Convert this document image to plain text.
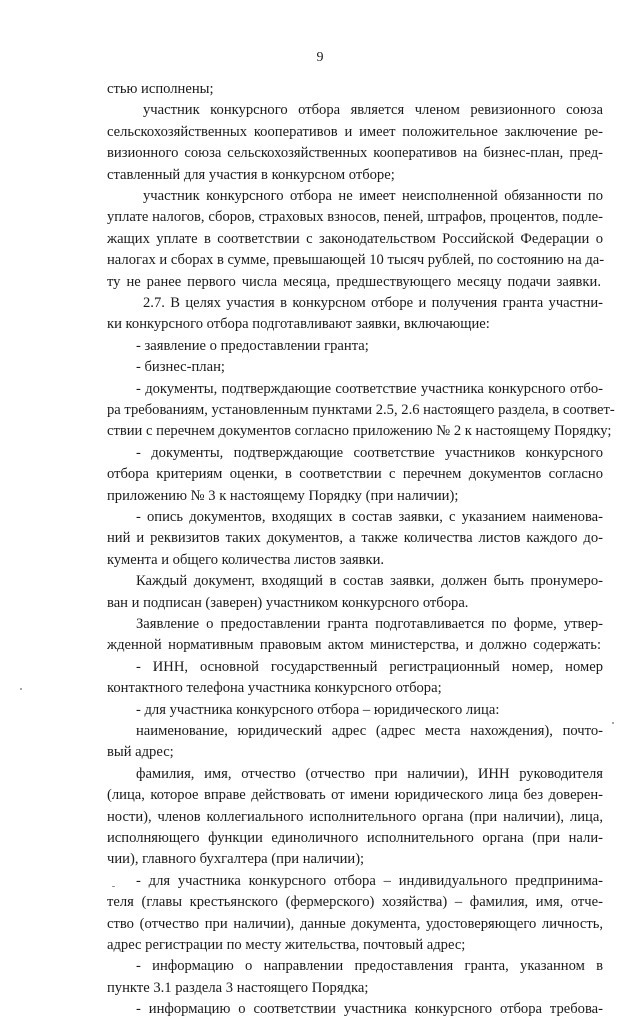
9
стью исполнены;
участник конкурсного отбора является членом ревизионного союза
сельскохозяйственных кооперативов и имеет положительное заключение ре-
визионного союза сельскохозяйственных кооперативов на бизнес-план, пред-
ставленный для участия в конкурсном отборе;
участник конкурсного отбора не имеет неисполненной обязанности по
уплате налогов, сборов, страховых взносов, пеней, штрафов, процентов, подле-
жащих уплате в соответствии с законодательством Российской Федерации о
налогах и сборах в сумме, превышающей 10 тысяч рублей, по состоянию на да-
ту не ранее первого числа месяца, предшествующего месяцу подачи заявки.
2.7. В целях участия в конкурсном отборе и получения гранта участни-
ки конкурсного отбора подготавливают заявки, включающие:
- заявление о предоставлении гранта;
- бизнес-план;
- документы, подтверждающие соответствие участника конкурсного отбо-
ра требованиям, установленным пунктами 2.5, 2.6 настоящего раздела, в соответ-
ствии с перечнем документов согласно приложению № 2 к настоящему Порядку;
- документы, подтверждающие соответствие участников конкурсного
отбора критериям оценки, в соответствии с перечнем документов согласно
приложению № 3 к настоящему Порядку (при наличии);
- опись документов, входящих в состав заявки, с указанием наименова-
ний и реквизитов таких документов, а также количества листов каждого до-
кумента и общего количества листов заявки.
Каждый документ, входящий в состав заявки, должен быть пронумеро-
ван и подписан (заверен) участником конкурсного отбора.
Заявление о предоставлении гранта подготавливается по форме, утвер-
жденной нормативным правовым актом министерства, и должно содержать:
- ИНН, основной государственный регистрационный номер, номер
контактного телефона участника конкурсного отбора;
- для участника конкурсного отбора – юридического лица:
наименование, юридический адрес (адрес места нахождения), почто-
вый адрес;
фамилия, имя, отчество (отчество при наличии), ИНН руководителя
(лица, которое вправе действовать от имени юридического лица без доверен-
ности), членов коллегиального исполнительного органа (при наличии), лица,
исполняющего функции единоличного исполнительного органа (при нали-
чии), главного бухгалтера (при наличии);
- для участника конкурсного отбора – индивидуального предпринима-
теля (главы крестьянского (фермерского) хозяйства) – фамилия, имя, отче-
ство (отчество при наличии), данные документа, удостоверяющего личность,
адрес регистрации по месту жительства, почтовый адрес;
- информацию о направлении предоставления гранта, указанном в
пункте 3.1 раздела 3 настоящего Порядка;
- информацию о соответствии участника конкурсного отбора требова-
